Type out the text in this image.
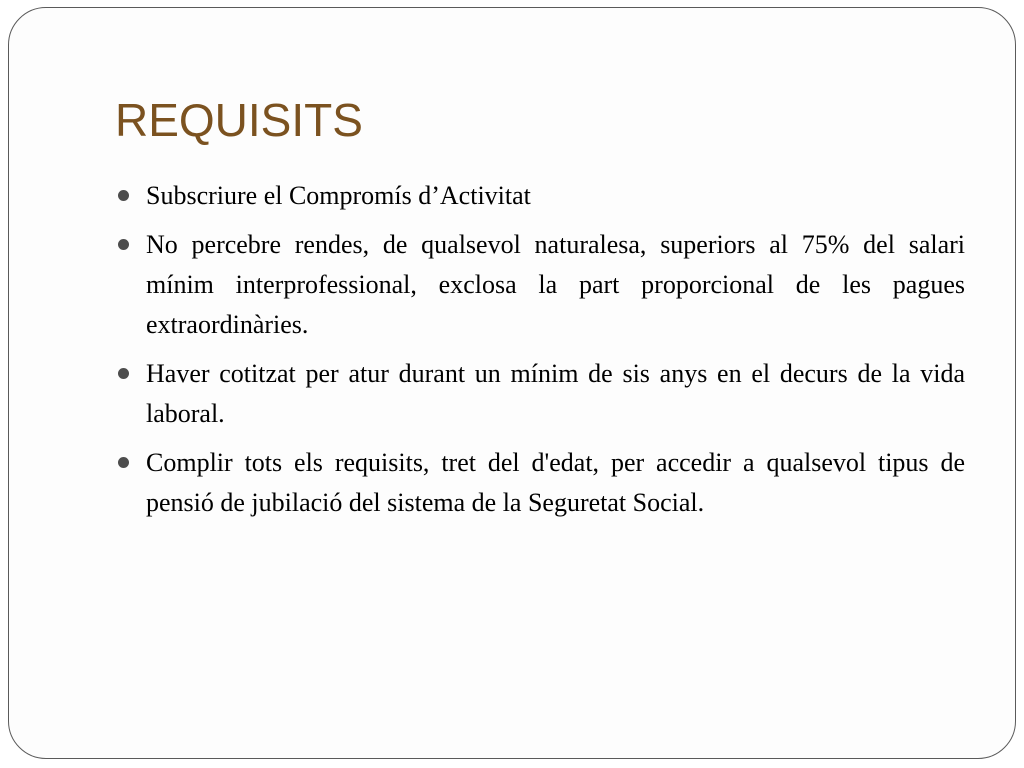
REQUISITS
Subscriure el Compromís d’Activitat
No percebre rendes, de qualsevol naturalesa, superiors al 75% del salari mínim interprofessional, exclosa la part proporcional de les pagues extraordinàries.
Haver cotitzat per atur durant un mínim de sis anys en el decurs de la vida laboral.
Complir tots els requisits, tret del d'edat, per accedir a qualsevol tipus de pensió de jubilació del sistema de la Seguretat Social.
